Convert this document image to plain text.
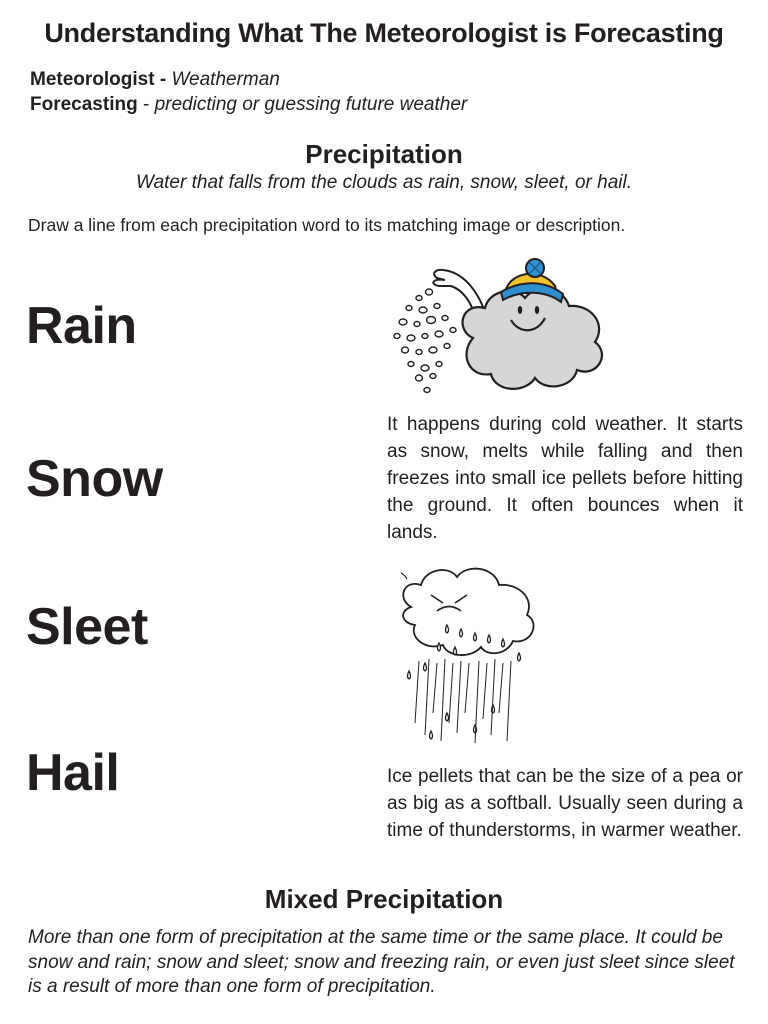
Understanding What The Meteorologist is Forecasting
Meteorologist - Weatherman
Forecasting - predicting or guessing future weather
Precipitation
Water that falls from the clouds as rain, snow, sleet, or hail.
Draw a line from each precipitation word to its matching image or description.
Rain
Snow
Sleet
Hail
It happens during cold weather. It starts as snow, melts while falling and then freezes into small ice pellets before hitting the ground. It often bounces when it lands.
Ice pellets that can be the size of a pea or as big as a softball. Usually seen during a time of thunderstorms, in warmer weather.
Mixed Precipitation
More than one form of precipitation at the same time or the same place. It could be snow and rain; snow and sleet; snow and freezing rain, or even just sleet since sleet is a result of more than one form of precipitation.
